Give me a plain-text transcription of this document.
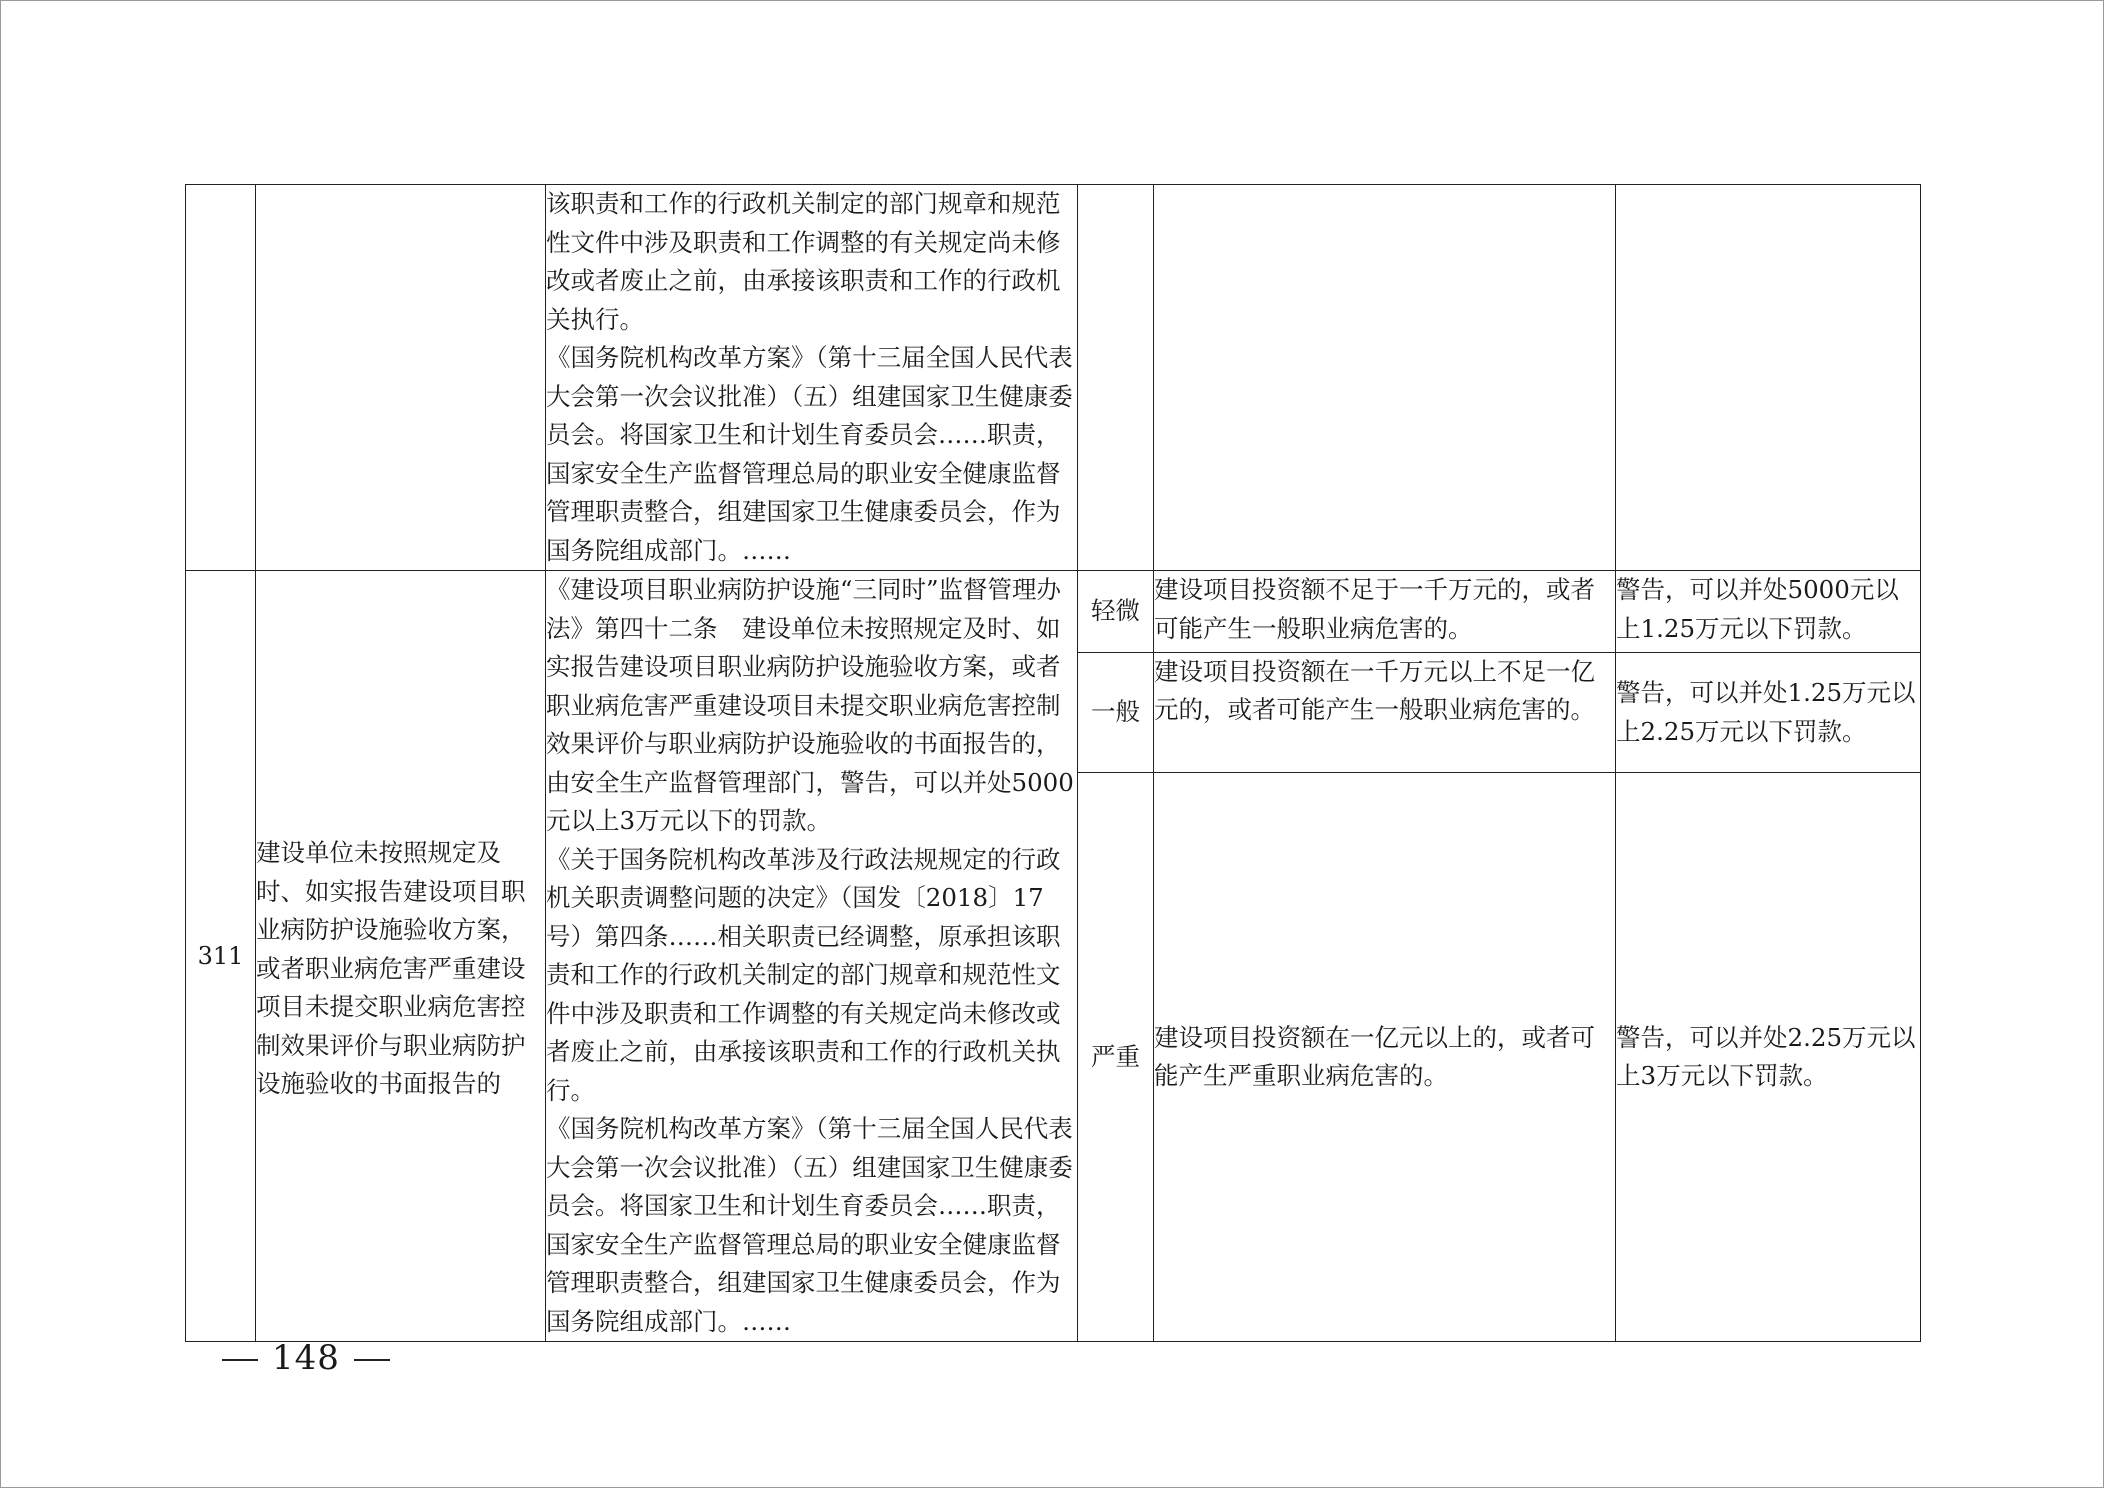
		该职责和工作的行政机关制定的部门规章和规范性文件中涉及职责和工作调整的有关规定尚未修改或者废止之前，由承接该职责和工作的行政机关执行。

《国务院机构改革方案》（第十三届全国人民代表大会第一次会议批准）（五）组建国家卫生健康委员会。将国家卫生和计划生育委员会……职责，国家安全生产监督管理总局的职业安全健康监督管理职责整合，组建国家卫生健康委员会，作为国务院组成部门。……			

311	建设单位未按照规定及时、如实报告建设项目职业病防护设施验收方案，或者职业病危害严重建设项目未提交职业病危害控制效果评价与职业病防护设施验收的书面报告的	《建设项目职业病防护设施“三同时”监督管理办法》第四十二条　建设单位未按照规定及时、如实报告建设项目职业病防护设施验收方案，或者职业病危害严重建设项目未提交职业病危害控制效果评价与职业病防护设施验收的书面报告的，由安全生产监督管理部门，警告，可以并处5000元以上3万元以下的罚款。

《关于国务院机构改革涉及行政法规规定的行政机关职责调整问题的决定》（国发〔2018〕17号）第四条……相关职责已经调整，原承担该职责和工作的行政机关制定的部门规章和规范性文件中涉及职责和工作调整的有关规定尚未修改或者废止之前，由承接该职责和工作的行政机关执行。

《国务院机构改革方案》（第十三届全国人民代表大会第一次会议批准）（五）组建国家卫生健康委员会。将国家卫生和计划生育委员会……职责，国家安全生产监督管理总局的职业安全健康监督管理职责整合，组建国家卫生健康委员会，作为国务院组成部门。……	轻微	建设项目投资额不足于一千万元的，或者可能产生一般职业病危害的。	警告，可以并处5000元以上1.25万元以下罚款。
			一般	建设项目投资额在一千万元以上不足一亿元的，或者可能产生一般职业病危害的。	警告，可以并处1.25万元以上2.25万元以下罚款。
			严重	建设项目投资额在一亿元以上的，或者可能产生严重职业病危害的。	警告，可以并处2.25万元以上3万元以下罚款。
148
